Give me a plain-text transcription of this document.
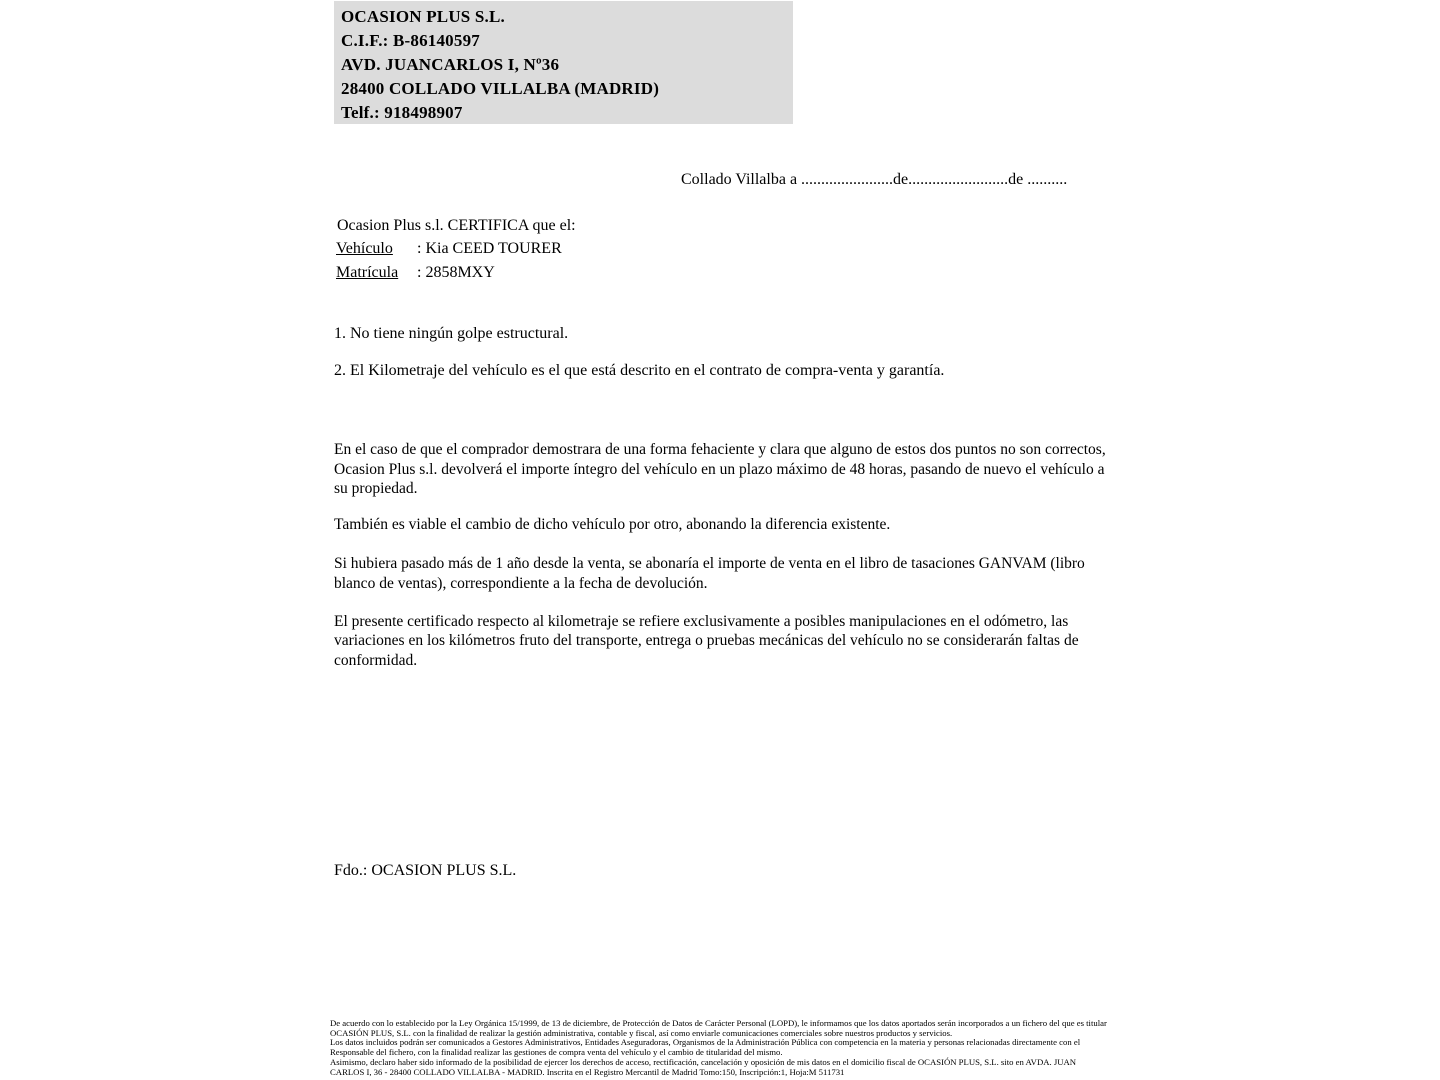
OCASION PLUS S.L.
C.I.F.: B-86140597
AVD. JUANCARLOS I, Nº36
28400 COLLADO VILLALBA (MADRID)
Telf.: 918498907
Collado Villalba a .......................de.........................de ..........
Ocasion Plus s.l. CERTIFICA que el:
Vehículo : Kia CEED TOURER
Matrícula : 2858MXY
1. No tiene ningún golpe estructural.
2. El Kilometraje del vehículo es el que está descrito en el contrato de compra-venta y garantía.

En el caso de que el comprador demostrara de una forma fehaciente y clara que alguno de estos dos puntos no son correctos, Ocasion Plus s.l. devolverá el importe íntegro del vehículo en un plazo máximo de 48 horas, pasando de nuevo el vehículo a su propiedad.

También es viable el cambio de dicho vehículo por otro, abonando la diferencia existente.

Si hubiera pasado más de 1 año desde la venta, se abonaría el importe de venta en el libro de tasaciones GANVAM (libro blanco de ventas), correspondiente a la fecha de devolución.

El presente certificado respecto al kilometraje se refiere exclusivamente a posibles manipulaciones en el odómetro, las variaciones en los kilómetros fruto del transporte, entrega o pruebas mecánicas del vehículo no se considerarán faltas de conformidad.

Fdo.: OCASION PLUS S.L.
De acuerdo con lo establecido por la Ley Orgánica 15/1999, de 13 de diciembre, de Protección de Datos de Carácter Personal (LOPD), le informamos que los datos aportados serán incorporados a un fichero del que es titular
OCASIÓN PLUS, S.L. con la finalidad de realizar la gestión administrativa, contable y fiscal, así como enviarle comunicaciones comerciales sobre nuestros productos y servicios.
Los datos incluidos podrán ser comunicados a Gestores Administrativos, Entidades Aseguradoras, Organismos de la Administración Pública con competencia en la materia y personas relacionadas directamente con el
Responsable del fichero, con la finalidad realizar las gestiones de compra venta del vehículo y el cambio de titularidad del mismo.
Asimismo, declaro haber sido informado de la posibilidad de ejercer los derechos de acceso, rectificación, cancelación y oposición de mis datos en el domicilio fiscal de OCASIÓN PLUS, S.L. sito en AVDA. JUAN
CARLOS I, 36 - 28400 COLLADO VILLALBA - MADRID. Inscrita en el Registro Mercantil de Madrid Tomo:150, Inscripción:1, Hoja:M 511731
